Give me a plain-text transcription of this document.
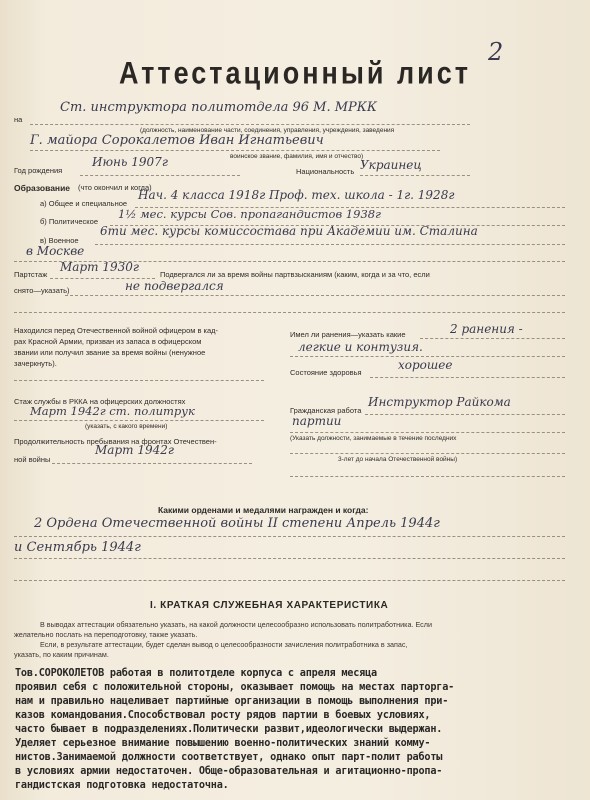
2
Аттестационный лист
на
Ст. инструктора политотдела 96 М. МРКК
(должность, наименование части, соединения, управления, учреждения, заведения
Г. майора Сорокалетов Иван Игнатьевич
воинское звание, фамилия, имя и отчество)
Год рождения
Июнь 1907г
Национальность Украинец
Образование (что окончил и когда)
а) Общее и специальное
Нач. 4 класса 1918г Проф. тех. школа - 1г. 1928г
б) Политическое
1½ мес. курсы Сов. пропагандистов 1938г
в) Военное
6ти мес. курсы комиссостава при Академии им. Сталина
в Москве
Партстаж
Март 1930г
Подвергался ли за время войны партвзысканиям (каким, когда и за что, если
снято—указать)	не подвергался
Находился перед Отечественной войной офицером в кад-
рах Красной Армии, призван из запаса в офицерском
звании или получил звание за время войны (ненужное
зачеркнуть).
Стаж службы в РККА на офицерских должностях
Март 1942г ст. политрук
(указать, с какого времени)
Продолжительность пребывания на фронтах Отечествен-
ной войны
Март 1942г
Имел ли ранения—указать какие	2 ранения -
легкие и контузия.
Состояние здоровья
хорошее
Гражданская работа
Инструктор Райкома
партии
(Указать должности, занимаемые в течение последних
3-лет до начала Отечественной войны)
Какими орденами и медалями награжден и когда:
2 Ордена Отечественной войны II степени Апрель 1944г
и Сентябрь 1944г
I. КРАТКАЯ СЛУЖЕБНАЯ ХАРАКТЕРИСТИКА
В выводах аттестации обязательно указать, на какой должности целесообразно использовать политработника. Если
желательно послать на переподготовку, также указать.
Если, в результате аттестации, будет сделан вывод о целесообразности зачисления политработника в запас,
указать, по каким причинам.
Тов.СОРОКОЛЕТОВ работая в политотделе корпуса с апреля месяца
проявил себя с положительной стороны, оказывает помощь на местах парторга-
нам и правильно нацеливает партийные организации в помощь выполнения при-
казов командования.Способствовал росту рядов партии в боевых условиях,
часто бывает в подразделениях.Политически развит,идеологически выдержан.
Уделяет серьезное внимание повышению военно-политических знаний комму-
нистов.Занимаемой должности соответствует, однако опыт парт-полит работы
в условиях армии недостаточен. Обще-образовательная и агитационно-пропа-
гандистская подготовка недостаточна.
